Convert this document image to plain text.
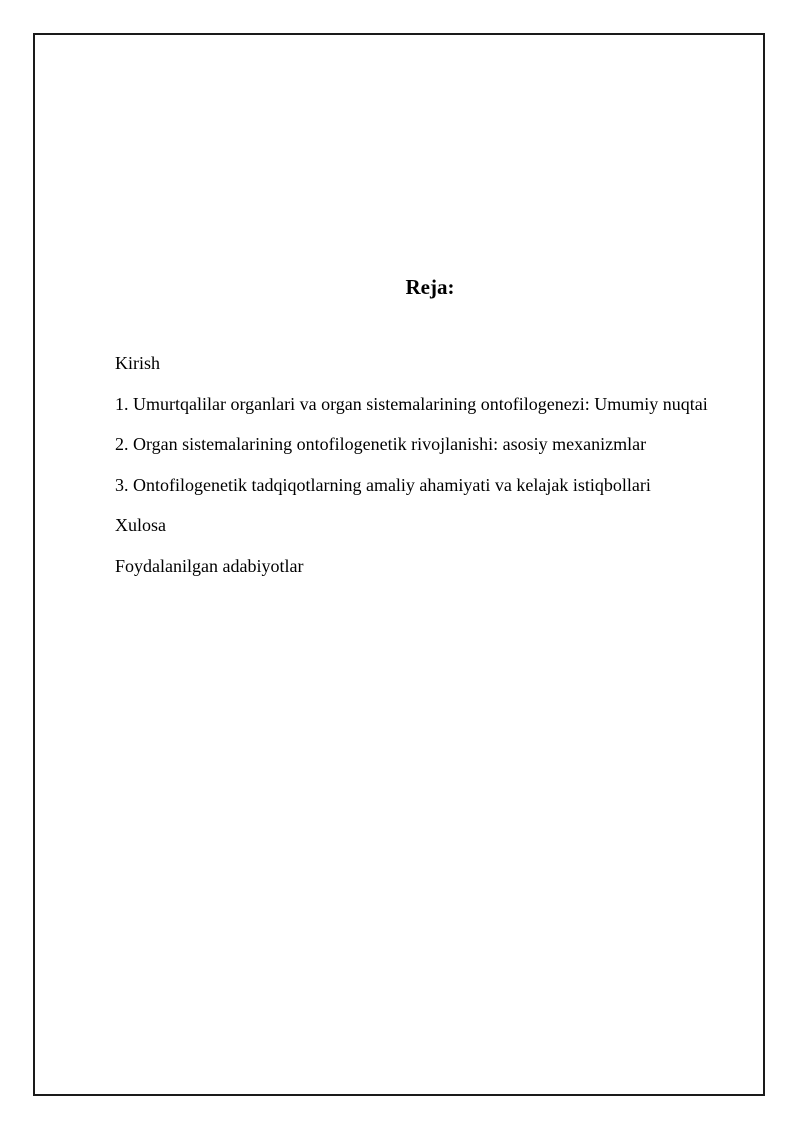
Reja:
Kirish
1. Umurtqalilar organlari va organ sistemalarining ontofilogenezi: Umumiy nuqtai
2. Organ sistemalarining ontofilogenetik rivojlanishi: asosiy mexanizmlar
3. Ontofilogenetik tadqiqotlarning amaliy ahamiyati va kelajak istiqbollari
Xulosa
Foydalanilgan adabiyotlar
